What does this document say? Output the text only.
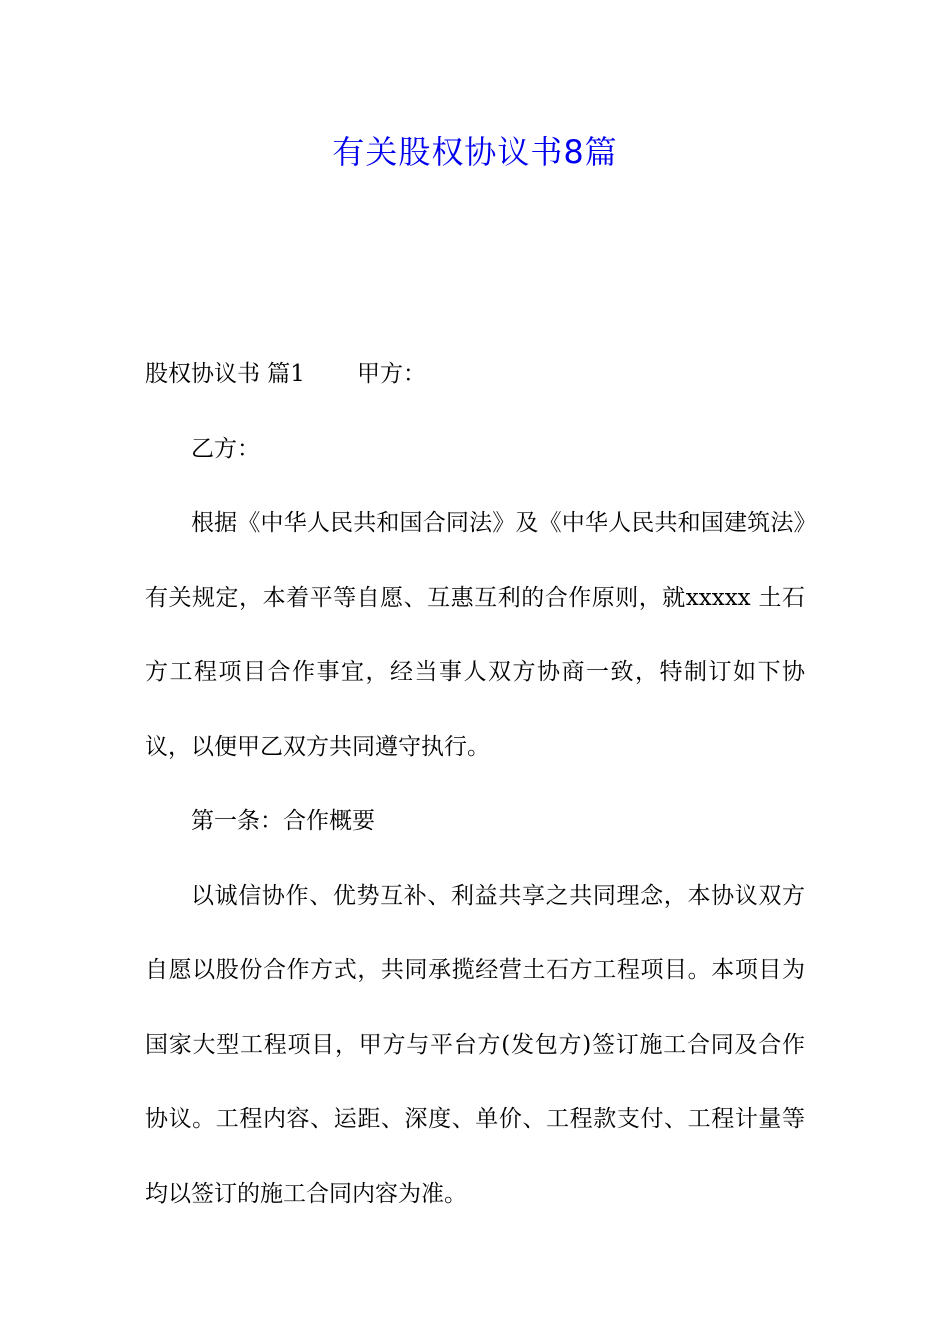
有关股权协议书8篇

股权协议书 篇1 甲方：

乙方：

根据《中华人民共和国合同法》及《中华人民共和国建筑法》有关规定，本着平等自愿、互惠互利的合作原则，就xxxxx 土石方工程项目合作事宜，经当事人双方协商一致，特制订如下协议，以便甲乙双方共同遵守执行。

第一条：合作概要

以诚信协作、优势互补、利益共享之共同理念，本协议双方自愿以股份合作方式，共同承揽经营土石方工程项目。本项目为国家大型工程项目，甲方与平台方(发包方)签订施工合同及合作协议。工程内容、运距、深度、单价、工程款支付、工程计量等均以签订的施工合同内容为准。
